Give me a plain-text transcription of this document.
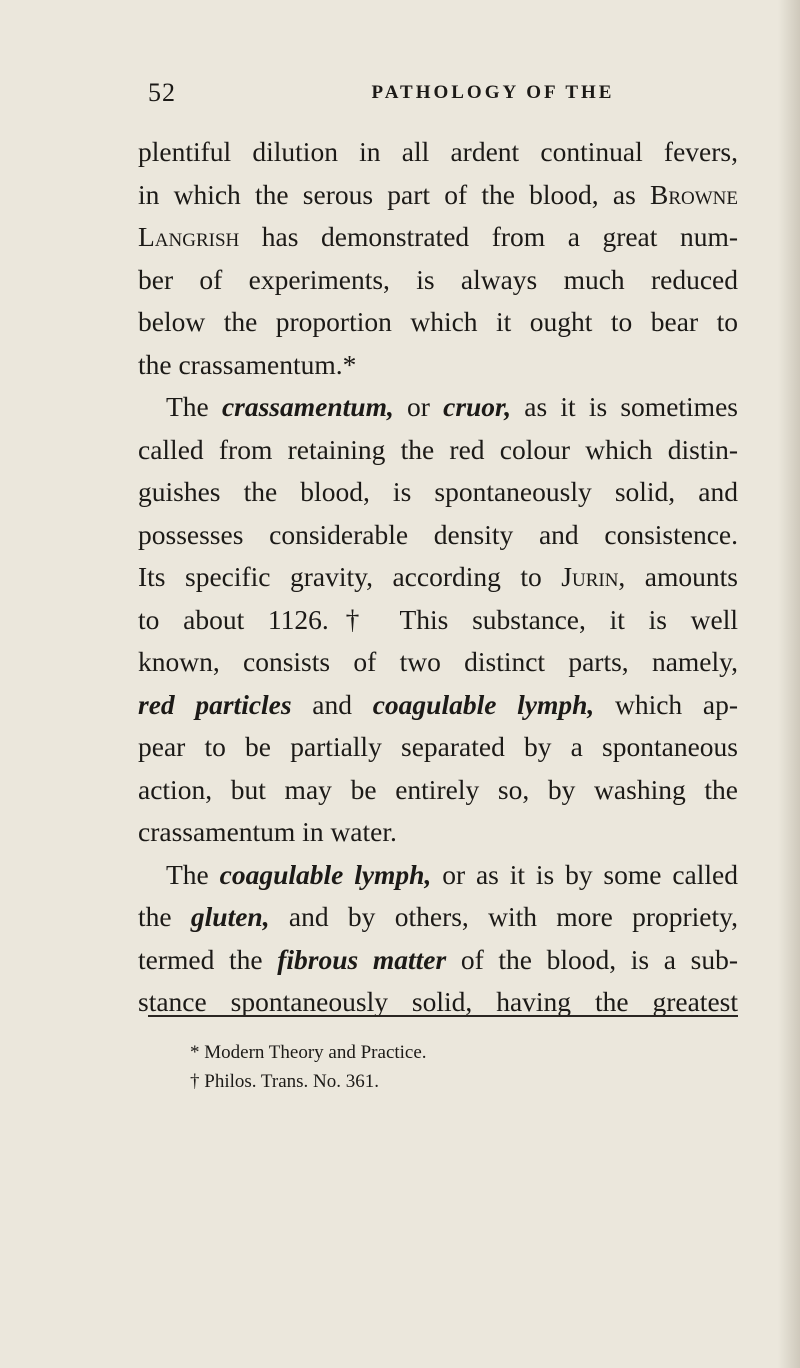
52	PATHOLOGY OF THE
plentiful dilution in all ardent continual fevers,
in which the serous part of the blood, as Browne
Langrish has demonstrated from a great num-
ber of experiments, is always much reduced
below the proportion which it ought to bear to
the crassamentum.*
The crassamentum, or cruor, as it is sometimes
called from retaining the red colour which distin-
guishes the blood, is spontaneously solid, and
possesses considerable density and consistence.
Its specific gravity, according to Jurin, amounts
to about 1126.† This substance, it is well
known, consists of two distinct parts, namely,
red particles and coagulable lymph, which ap-
pear to be partially separated by a spontaneous
action, but may be entirely so, by washing the
crassamentum in water.
The coagulable lymph, or as it is by some called
the gluten, and by others, with more propriety,
termed the fibrous matter of the blood, is a sub-
stance spontaneously solid, having the greatest
* Modern Theory and Practice.
† Philos. Trans. No. 361.
